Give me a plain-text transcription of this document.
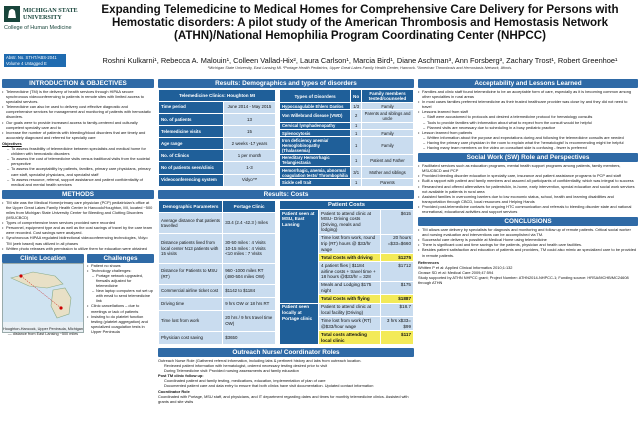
MICHIGAN STATE UNIVERSITY
College of Human Medicine
Abstr. No. STHT/ABS-2041 Volume 4 Untagged E
Expanding Telemedicine to Medical Homes for Comprehensive Care Delivery for Persons with Hemostatic disorders: A pilot study of the American Thrombosis and Hemostasis Network (ATHN)/National Hemophilia Program Coordinating Center (NHPCC)
Roshni Kulkarni¹, Rebecca A. Malouin¹, Colleen Vallad-Hix², Laura Carlson¹, Marcia Bird¹, Diane Aschman³, Ann Forsberg³, Zachary Trost¹, Robert Greenhoe¹
¹Michigan State University, East Lansing MI. ²Portage Health Pediatrics, Upper Great Lakes Family Health Center, Hancock. ³American Thrombosis and Hemostasis Network, Illinois.
INTRODUCTION & OBJECTIVES
• Telemedicine (TM) is the delivery of health services through HIPAA secure synchronous videoconferencing to patients in remote sites with limited access to specialist services.
• Telemedicine can also be used to delivery cost effective diagnostic and comprehensive services for management and monitoring of patients with hemostatic disorders.
• Our goals were to provide increased access to family-centered and culturally competent specialty care and to
• Increase the number of patients with bleeding/blood disorders that are timely and accurately diagnosed and referred for specialty care
Objectives
– To assess feasibility of telemedicine between specialists and medical home for children with hemostatic disorders
– To assess the cost of telemedicine visits versus traditional visits from the societal perspective
– To assess the acceptability by patients, families, primary care physicians, primary care staff, specialist physicians, and specialist staff
– To assess resource, referral, support assistance and patient confidentiality of medical and mental health services
METHODS
• TM site was the Medical Home/primary care physician (PCP) pediatrician's office at the Upper Great Lakes Family Health Center in Hancock/Houghton, MI, located ~500 miles from Michigan State University Center for Bleeding and Clotting Disorders (MSUCBCD)
• Types of comprehensive team services provided were recorded
• Personnel, equipment type and as well as the cost savings of travel by the care team were recorded. Cost savings were analyzed.
• Synchronous HIPAA regulated bidirectional videoconferencing technologies, Vidyo TM (web based) was utilized in all phases
• Written photo releases with permission to utilize them for education were obtained
Clinic Location
Houghton-Hancock, Upper Peninsula, Michigan — distance from East Lansing ~500 miles
Challenges
• Patient no shows
• Technology challenges:
– Portage network upgraded, firewalls adjusted for telemedicine
– New laptop computers not set up with email to send telemedicine link
• Clinic cancellations – due to meetings or lack of patients
• Insisting to do platelet function testing (platelet aggregation) and specialized coagulation tests in Upper Peninsula
Results: Demographics and types of disorders
Telemedicine Clinics: Houghton MI	
Time period	June 2014 - May 2015
No. of patients	13
Telemedicine visits	15
Age range	2 weeks -17 years
No. of Clinics	1 per month
No of patients seen/clinic	1-3
Videoconferencing system	Vidyo™
Types of Disorders	No	Family members tested/counseled
Hypocoagulable Ehlers Danlos	1/3	Family
Von Willebrand disease (VWD)	2	Parents and siblings and uncle
Cervical lymphadenopathy	1	
Splenocytosis	1	Family
Iron deficiency anemia/ Hemoglobinopathy (Thalassemia)	1	Family
Hereditary Hemorrhagic Telangiectasia	1	Patient and Father
Hemorrhagic, anemia, abnormal coagulation tests/ Thrombophilia	3/1	Mother and siblings
Sickle cell trait	1	Parents
Results: Costs
Demographic Parameters	Portage Clinic
Average distance that patients travelled	33.4 (2.4 -42.3 ) miles
Distance patients lived from local center N13 patients with 15 visits	30-50 miles : 4 Visits 10-15 miles : 4 Visits <10 miles : 7 Visits
Distance for Patients to MSU (RT)	960 -1000 miles RT (480-504 miles OW)
Commercial airline ticket cost	$1142 to $1184
Driving time	9 hrs OW or 18 hrs RT
Time lost from work	20 hrs / 9 hrs travel time OW)
Physician cost saving	$3650
Patient Costs		
Patient seen at MSU, East Lansing	Patient to attend clinic at MSU- Driving costs (Driving, meals and lodging)	$615
	Time lost from work, round trip (RT) hours @ $33/hr wage	20 hours =$33=$660
	Total Costs with driving	$1275
	4 patient flies | $1184 airline costs + travel time + 18 hours @$33/hr = 328	$1712
	Meals and Lodging $175 night	$175
	Total Costs with flying	$1887
Patient seen locally at Portage clinic	Patient to attend clinic at local facility (Driving)	$18.7
	Time lost from work (RT) @$33/hour wage	3 hrs x$33= $99
	Total costs attending local clinic	$117
Outreach Nurse/ Coordinator Roles
Outreach Nurse Role (Gathered referral information, including labs & pertinent history and labs from outreach location.
Reviewed patient information with hematologist, ordered necessary testing desired prior to visit
During Telemedicine visit: Provided nursing assessments and family education
Post TM clinic follow up:
Coordinated patient and family testing, medications, education, implementation of plan of care
Documented patient care and data entry to ensure that both clinics have visit documentation. Updated contact information
Coordinator Role
Coordinated with Portage, MSU staff, and physicians, and IT department regarding dates and times for monthly telemedicine clinics. Assisted with grants and site visits
Acceptability and Lessons Learned
• Families and clinic staff found telemedicine to be an acceptable form of care, especially as it is becoming common among other specialties in rural areas
• In most cases families preferred telemedicine as their trusted healthcare provider was close by and they did not need to travel
• Lessons learned from staff
– Staff were accustomed to protocols and desired a telemedicine protocol for hematology consults
– Tools to provide families with information about what to expect from the consult would be helpful
– Planned visits are necessary due to scheduling in a busy pediatric practice
• Lesson learned from patients
– Written information about the purpose and expectations during and following the telemedicine consults are needed
– Having the primary care physician in the room to explain what the 'hematologist' is recommending might be helpful
– Having many team members on the video on consultant side is confusing - fewer is preferred
Social Work (SW) Role and Perspectives
• Facilitated services such as education programs, mental health support programs among patients, family members, MSUCBCD and PCP
• Provided bleeding disorder education in specialty care, insurance and patient assistance programs to PCP and staff
• Built a rapport with patient and family members and assured all participants of confidentiality, which was integral to success
• Researched and offered alternatives for patients/kin, in-home, early intervention, special education and social work services not available in patients in rural area
• Assisted families in overcoming barriers due to low economic status, school, health and learning disabilities and transportation through CBCD, local resources and Helping Hands
• Provided post-telemedicine contacts for ongoing HTC communication and referrals to bleeding disorder state and national recreational, educational activities and support services
CONCLUSIONS
• TM allows care delivery by specialists for diagnosis and monitoring and follow up of remote patients. Critical social worker and nursing evaluation and interventions can be accomplished via TM.
• Successful care delivery is possible at Medical Home using telemedicine
• There is significant cost and time savings for the patients, physician and health care facilities.
• Besides patient satisfaction and education of patients and providers, TM could also mimic an specialized care to be provided in remote patients.
References
Whitten P et al: Applied Clinical Informatics 2010;1:132
Grosse SD et al: Medical Care 2009;47:594
Study supported by ATHN NHPCC grant; Project Number: ATHN2014-NHPCC-1; Funding source: HRSA/MCHB/MC24608 through ATHN
